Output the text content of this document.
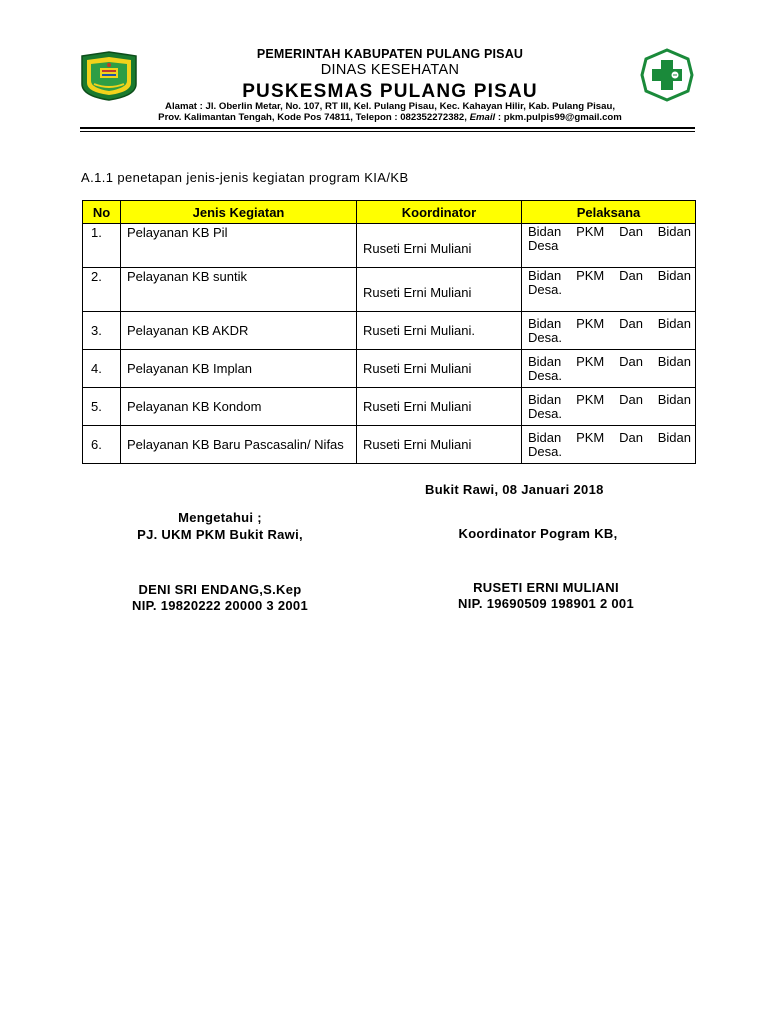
PEMERINTAH KABUPATEN PULANG PISAU
DINAS KESEHATAN
PUSKESMAS PULANG PISAU
Alamat : Jl. Oberlin Metar, No. 107, RT III, Kel. Pulang Pisau, Kec. Kahayan Hilir, Kab. Pulang Pisau,
Prov. Kalimantan Tengah, Kode Pos 74811, Telepon : 082352272382, Email : pkm.pulpis99@gmail.com
A.1.1 penetapan jenis-jenis kegiatan program KIA/KB
No	Jenis Kegiatan	Koordinator	Pelaksana
1.	Pelayanan KB Pil	Ruseti Erni Muliani	Bidan PKM Dan Bidan Desa
2.	Pelayanan KB suntik	Ruseti Erni Muliani	Bidan PKM Dan Bidan Desa.
3.	Pelayanan KB AKDR	Ruseti Erni Muliani.	Bidan PKM Dan Bidan Desa.
4.	Pelayanan KB Implan	Ruseti Erni Muliani	Bidan PKM Dan Bidan Desa.
5.	Pelayanan KB Kondom	Ruseti Erni Muliani	Bidan PKM Dan Bidan Desa.
6.	Pelayanan KB Baru Pascasalin/ Nifas	Ruseti Erni Muliani	Bidan PKM Dan Bidan Desa.
Bukit Rawi, 08 Januari 2018
Mengetahui ;
PJ. UKM PKM Bukit Rawi,
DENI SRI ENDANG,S.Kep
NIP. 19820222 20000 3 2001
Koordinator Pogram KB,
RUSETI ERNI MULIANI
NIP. 19690509 198901 2 001
